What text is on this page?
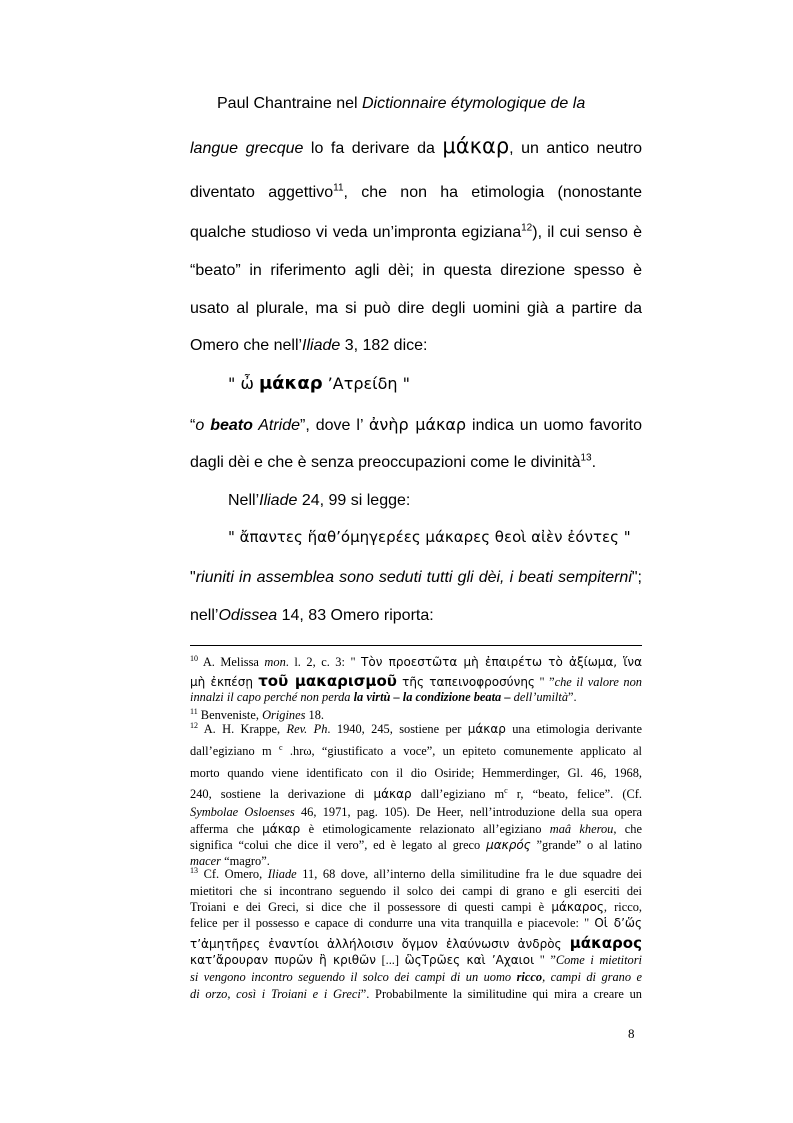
Paul Chantraine nel Dictionnaire étymologique de la
langue grecque lo fa derivare da μάκαρ, un antico neutro
diventato aggettivo$^{11}$, che non ha etimologia (nonostante
qualche studioso vi veda un’impronta egiziana$^{12}$), il cui senso è
“beato” in riferimento agli dèi; in questa direzione spesso è
usato al plurale, ma si può dire degli uomini già a partire da
Omero che nell’Iliade 3, 182 dice:
" ὦ μάκαρ ’Ατρείδη "
“o beato Atride”, dove l’ ἀνὴρ μάκαρ indica un uomo favorito
dagli dèi e che è senza preoccupazioni come le divinità$^{13}$.
Nell’Iliade 24, 99 si legge:
" ἄπαντες ἥαθ’όμηγερέες μάκαρες θεοὶ αἰὲν ἐόντες "
"riuniti in assemblea sono seduti tutti gli dèi, i beati sempiterni";
nell’Odissea 14, 83 Omero riporta:
$^{10}$ A. Melissa mon. l. 2, c. 3: " Τὸν προεστῶτα μὴ ἐπαιρέτω τὸ ἀξίωμα, ἵνα
μὴ ἐκπέσῃ τοῦ μακαρισμοῦ τῆς ταπεινοφροσύνης " ”che il valore non
innalzi il capo perché non perda la virtù – la condizione beata – dell’umiltà”.
$^{11}$ Benveniste, Origines 18.
$^{12}$ A. H. Krappe, Rev. Ph. 1940, 245, sostiene per μάκαρ una etimologia derivante
dall’egiziano m $^c$ .hrω, “giustificato a voce”, un epiteto comunemente applicato al
morto quando viene identificato con il dio Osiride; Hemmerdinger, Gl. 46, 1968,
240, sostiene la derivazione di μάκαρ dall’egiziano $m^c$ r, “beato, felice”. (Cf.
Symbolae Osloenses 46, 1971, pag. 105). De Heer, nell’introduzione della sua opera
afferma che μάκαρ è etimologicamente relazionato all’egiziano maâ kherou, che
significa “colui che dice il vero”, ed è legato al greco μακρός ”grande” o al latino
macer “magro”.
$^{13}$ Cf. Omero, Iliade 11, 68 dove, all’interno della similitudine fra le due squadre dei
mietitori che si incontrano seguendo il solco dei campi di grano e gli eserciti dei
Troiani e dei Greci, si dice che il possessore di questi campi è μάκαρος, ricco,
felice per il possesso e capace di condurre una vita tranquilla e piacevole: " Οἱ δ’ὥς
τ’ἀμητῆρες ἐναντίοι ἀλλήλοισιν ὄγμον ἐλαύνωσιν ἀνδρὸς μάκαρος
κατ’ἄρουραν πυρῶν ἢ κριθῶν [...] ὣςΤρῶες καὶ ’Αχαιοι " ”Come i mietitori
si vengono incontro seguendo il solco dei campi di un uomo ricco, campi di grano e
di orzo, così i Troiani e i Greci”. Probabilmente la similitudine qui mira a creare un
8
